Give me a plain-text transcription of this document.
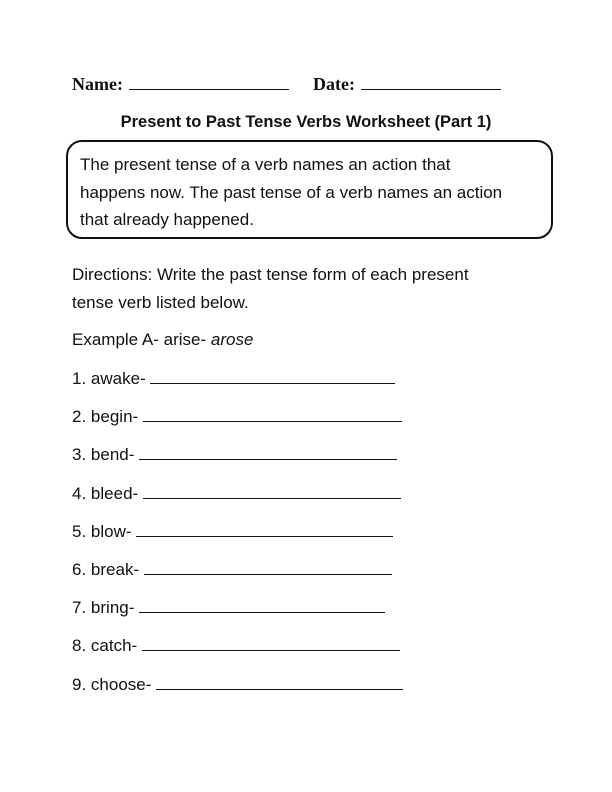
Name:	Date:
Present to Past Tense Verbs Worksheet (Part 1)
The present tense of a verb names an action that
happens now. The past tense of a verb names an action
that already happened.
Directions: Write the past tense form of each present
tense verb listed below.
Example A- arise- arose
1. awake-
2. begin-
3. bend-
4. bleed-
5. blow-
6. break-
7. bring-
8. catch-
9. choose-
